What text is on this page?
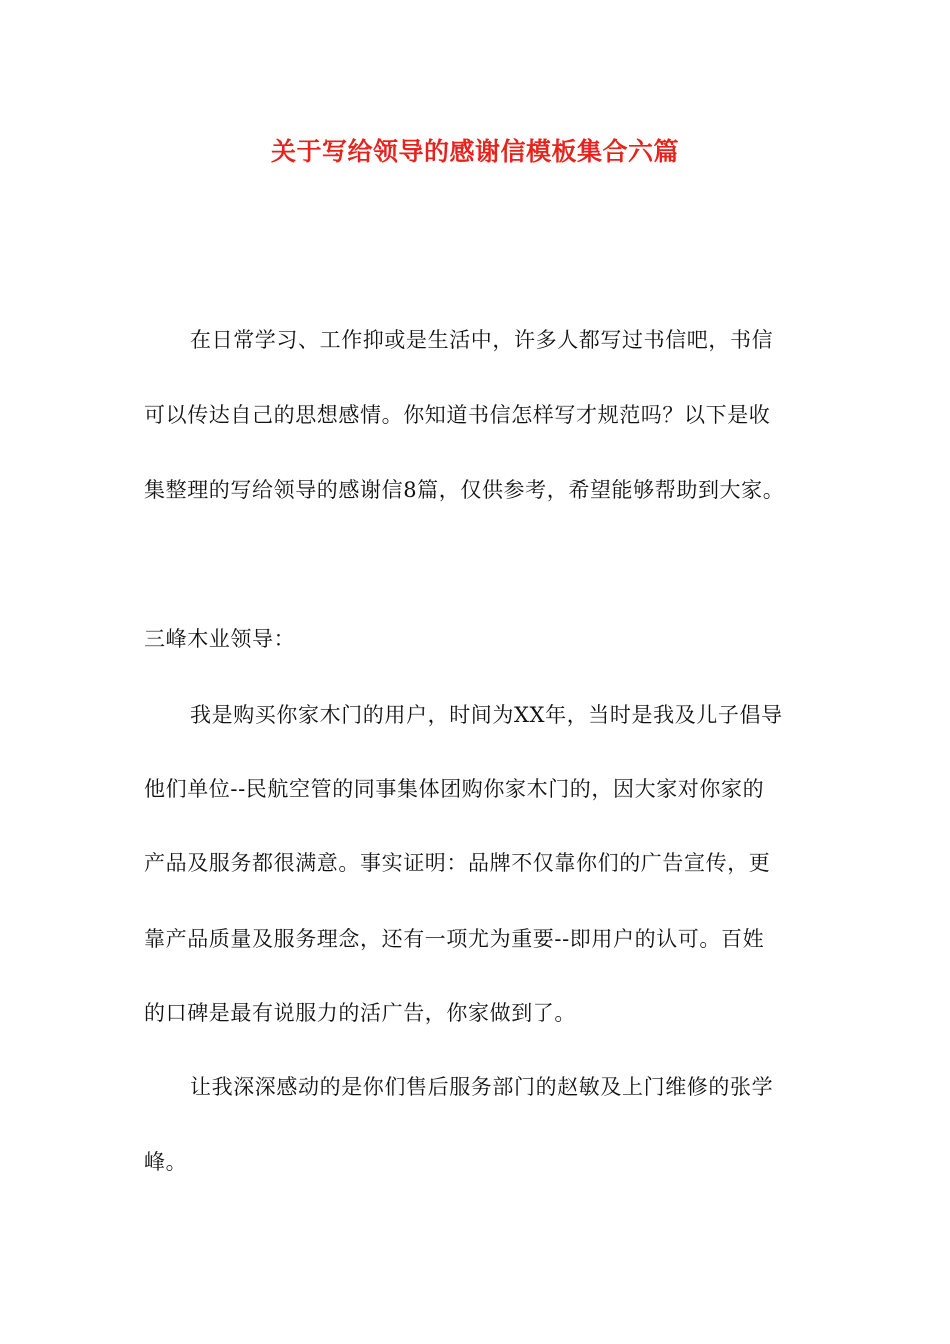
关于写给领导的感谢信模板集合六篇
在日常学习、工作抑或是生活中，许多人都写过书信吧，书信
可以传达自己的思想感情。你知道书信怎样写才规范吗？以下是收
集整理的写给领导的感谢信8篇，仅供参考，希望能够帮助到大家。
三峰木业领导：
我是购买你家木门的用户，时间为XX年，当时是我及儿子倡导
他们单位--民航空管的同事集体团购你家木门的，因大家对你家的
产品及服务都很满意。事实证明：品牌不仅靠你们的广告宣传，更
靠产品质量及服务理念，还有一项尤为重要--即用户的认可。百姓
的口碑是最有说服力的活广告，你家做到了。
让我深深感动的是你们售后服务部门的赵敏及上门维修的张学
峰。
